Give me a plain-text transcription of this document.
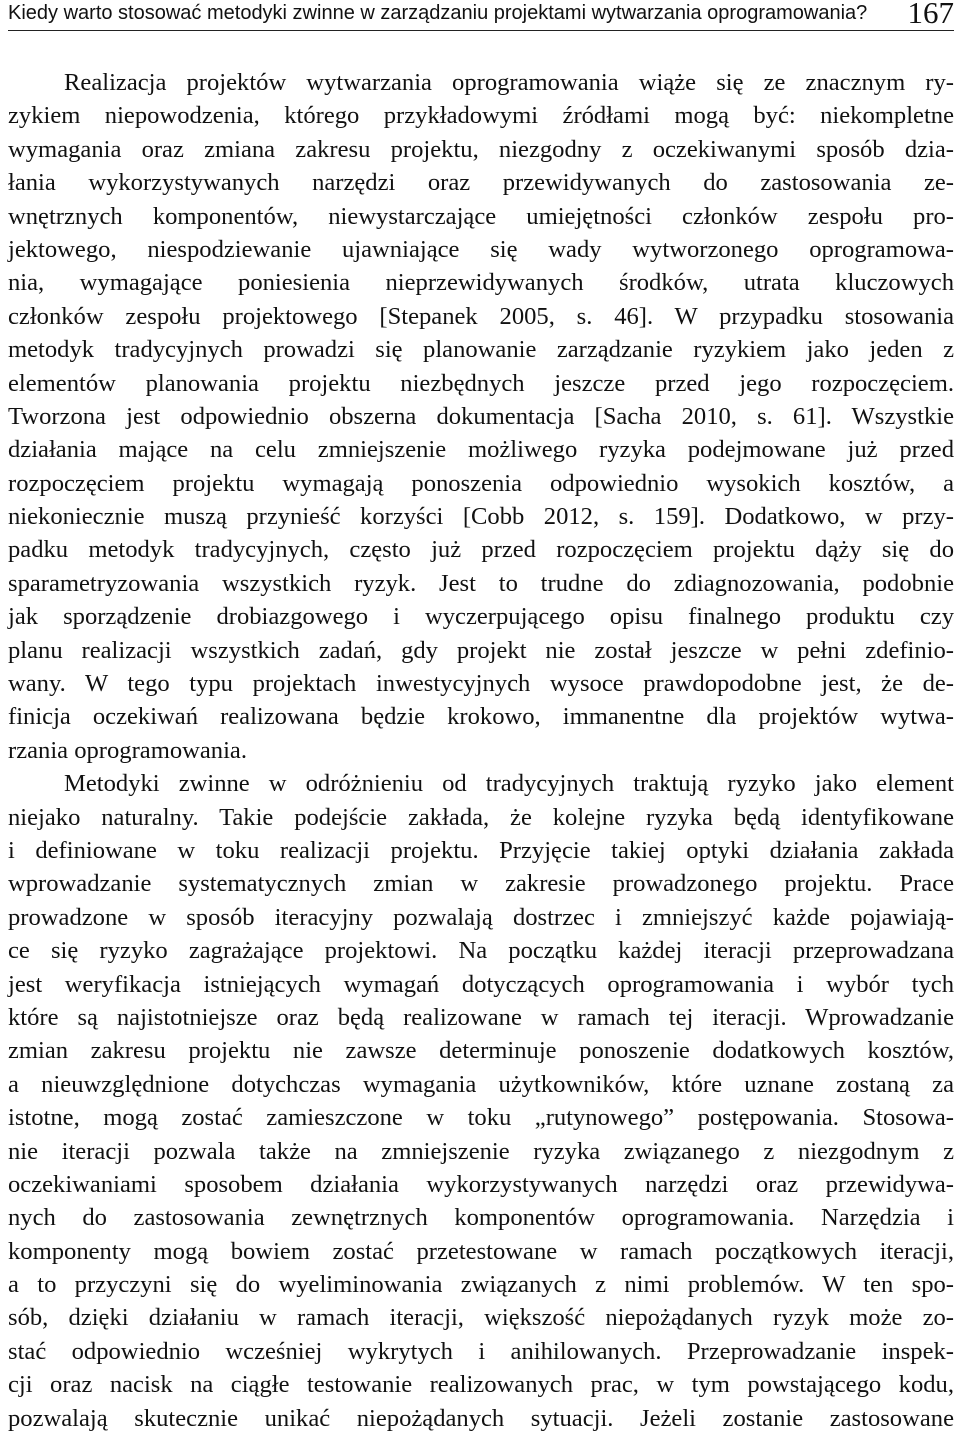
Kiedy warto stosować metodyki zwinne w zarządzaniu projektami wytwarzania oprogramowania? 167
Realizacja projektów wytwarzania oprogramowania wiąże się ze znacznym ry-
zykiem niepowodzenia, którego przykładowymi źródłami mogą być: niekompletne
wymagania oraz zmiana zakresu projektu, niezgodny z oczekiwanymi sposób dzia-
łania wykorzystywanych narzędzi oraz przewidywanych do zastosowania ze-
wnętrznych komponentów, niewystarczające umiejętności członków zespołu pro-
jektowego, niespodziewanie ujawniające się wady wytworzonego oprogramowa-
nia, wymagające poniesienia nieprzewidywanych środków, utrata kluczowych
członków zespołu projektowego [Stepanek 2005, s. 46]. W przypadku stosowania
metodyk tradycyjnych prowadzi się planowanie zarządzanie ryzykiem jako jeden z
elementów planowania projektu niezbędnych jeszcze przed jego rozpoczęciem.
Tworzona jest odpowiednio obszerna dokumentacja [Sacha 2010, s. 61]. Wszystkie
działania mające na celu zmniejszenie możliwego ryzyka podejmowane już przed
rozpoczęciem projektu wymagają ponoszenia odpowiednio wysokich kosztów, a
niekoniecznie muszą przynieść korzyści [Cobb 2012, s. 159]. Dodatkowo, w przy-
padku metodyk tradycyjnych, często już przed rozpoczęciem projektu dąży się do
sparametryzowania wszystkich ryzyk. Jest to trudne do zdiagnozowania, podobnie
jak sporządzenie drobiazgowego i wyczerpującego opisu finalnego produktu czy
planu realizacji wszystkich zadań, gdy projekt nie został jeszcze w pełni zdefinio-
wany. W tego typu projektach inwestycyjnych wysoce prawdopodobne jest, że de-
finicja oczekiwań realizowana będzie krokowo, immanentne dla projektów wytwa-
rzania oprogramowania.
Metodyki zwinne w odróżnieniu od tradycyjnych traktują ryzyko jako element
niejako naturalny. Takie podejście zakłada, że kolejne ryzyka będą identyfikowane
i definiowane w toku realizacji projektu. Przyjęcie takiej optyki działania zakłada
wprowadzanie systematycznych zmian w zakresie prowadzonego projektu. Prace
prowadzone w sposób iteracyjny pozwalają dostrzec i zmniejszyć każde pojawiają-
ce się ryzyko zagrażające projektowi. Na początku każdej iteracji przeprowadzana
jest weryfikacja istniejących wymagań dotyczących oprogramowania i wybór tych
które są najistotniejsze oraz będą realizowane w ramach tej iteracji. Wprowadzanie
zmian zakresu projektu nie zawsze determinuje ponoszenie dodatkowych kosztów,
a nieuwzględnione dotychczas wymagania użytkowników, które uznane zostaną za
istotne, mogą zostać zamieszczone w toku „rutynowego” postępowania. Stosowa-
nie iteracji pozwala także na zmniejszenie ryzyka związanego z niezgodnym z
oczekiwaniami sposobem działania wykorzystywanych narzędzi oraz przewidywa-
nych do zastosowania zewnętrznych komponentów oprogramowania. Narzędzia i
komponenty mogą bowiem zostać przetestowane w ramach początkowych iteracji,
a to przyczyni się do wyeliminowania związanych z nimi problemów. W ten spo-
sób, dzięki działaniu w ramach iteracji, większość niepożądanych ryzyk może zo-
stać odpowiednio wcześniej wykrytych i anihilowanych. Przeprowadzanie inspek-
cji oraz nacisk na ciągłe testowanie realizowanych prac, w tym powstającego kodu,
pozwalają skutecznie unikać niepożądanych sytuacji. Jeżeli zostanie zastosowane
